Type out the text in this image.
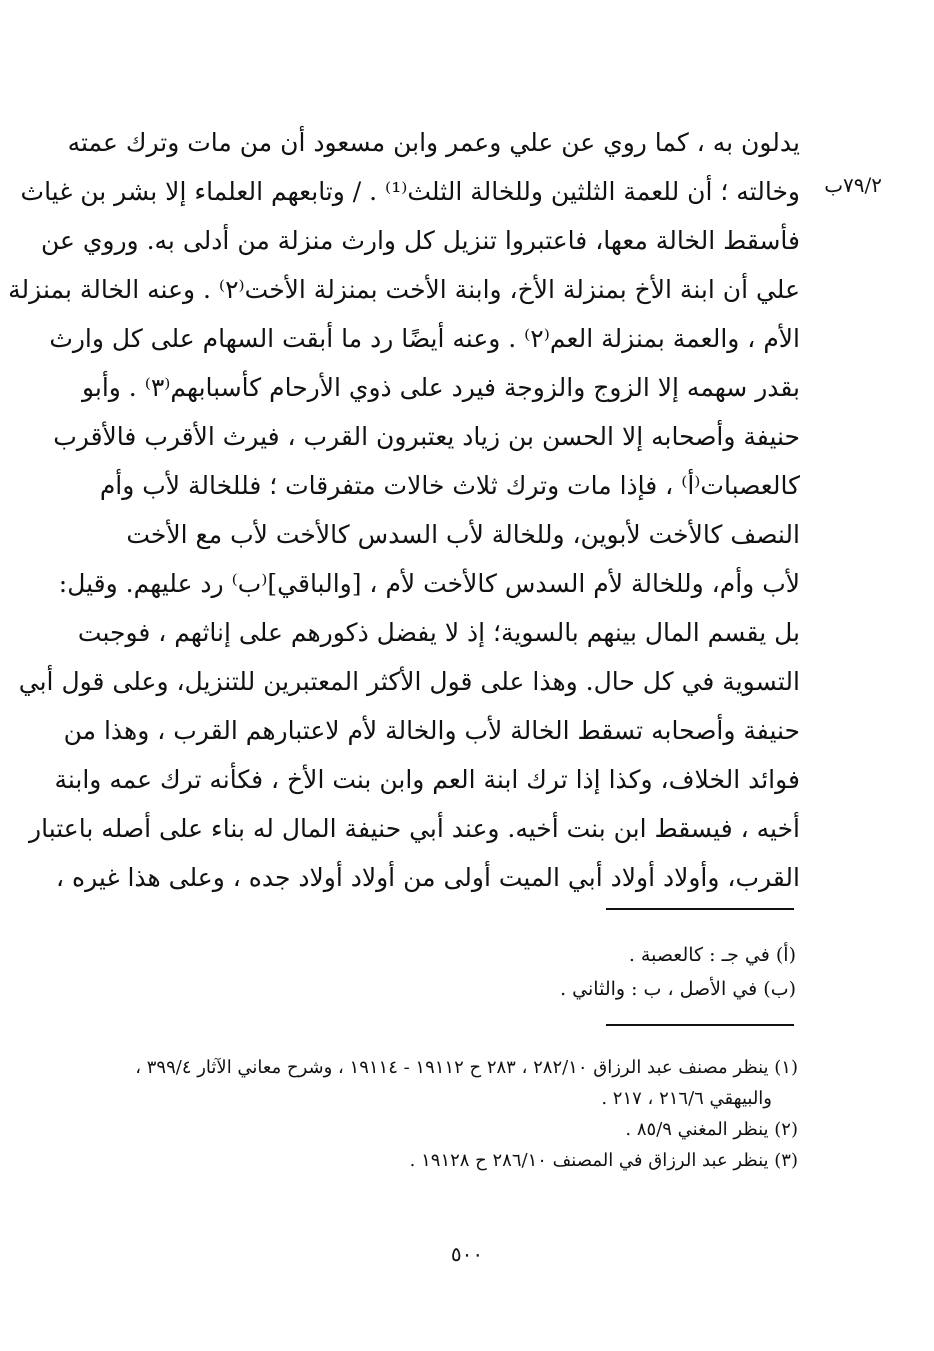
٧٩/٢ب
يدلون به ، كما روي عن علي وعمر وابن مسعود أن من مات وترك عمته
وخالته ؛ أن للعمة الثلثين وللخالة الثلث⁽¹⁾ . / وتابعهم العلماء إلا بشر بن غياث
فأسقط الخالة معها، فاعتبروا تنزيل كل وارث منزلة من أدلى به. وروي عن
علي أن ابنة الأخ بمنزلة الأخ، وابنة الأخت بمنزلة الأخت⁽٢⁾ . وعنه الخالة بمنزلة
الأم ، والعمة بمنزلة العم⁽٢⁾ . وعنه أيضًا رد ما أبقت السهام على كل وارث
بقدر سهمه إلا الزوج والزوجة فيرد على ذوي الأرحام كأسبابهم⁽٣⁾ . وأبو
حنيفة وأصحابه إلا الحسن بن زياد يعتبرون القرب ، فيرث الأقرب فالأقرب
كالعصبات⁽أ⁾ ، فإذا مات وترك ثلاث خالات متفرقات ؛ فللخالة لأب وأم
النصف كالأخت لأبوين، وللخالة لأب السدس كالأخت لأب مع الأخت
لأب وأم، وللخالة لأم السدس كالأخت لأم ، [والباقي]⁽ب⁾ رد عليهم. وقيل:
بل يقسم المال بينهم بالسوية؛ إذ لا يفضل ذكورهم على إناثهم ، فوجبت
التسوية في كل حال. وهذا على قول الأكثر المعتبرين للتنزيل، وعلى قول أبي
حنيفة وأصحابه تسقط الخالة لأب والخالة لأم لاعتبارهم القرب ، وهذا من
فوائد الخلاف، وكذا إذا ترك ابنة العم وابن بنت الأخ ، فكأنه ترك عمه وابنة
أخيه ، فيسقط ابن بنت أخيه. وعند أبي حنيفة المال له بناء على أصله باعتبار
القرب، وأولاد أولاد أبي الميت أولى من أولاد أولاد جده ، وعلى هذا غيره ،
(أ) في جـ : كالعصبة .
(ب) في الأصل ، ب : والثاني .
(١) ينظر مصنف عبد الرزاق ٢٨٢/١٠ ، ٢٨٣ ح ١٩١١٢ - ١٩١١٤ ، وشرح معاني الآثار ٣٩٩/٤ ،
والبيهقي ٢١٦/٦ ، ٢١٧ .
(٢) ينظر المغني ٨٥/٩ .
(٣) ينظر عبد الرزاق في المصنف ٢٨٦/١٠ ح ١٩١٢٨ .
٥٠٠
